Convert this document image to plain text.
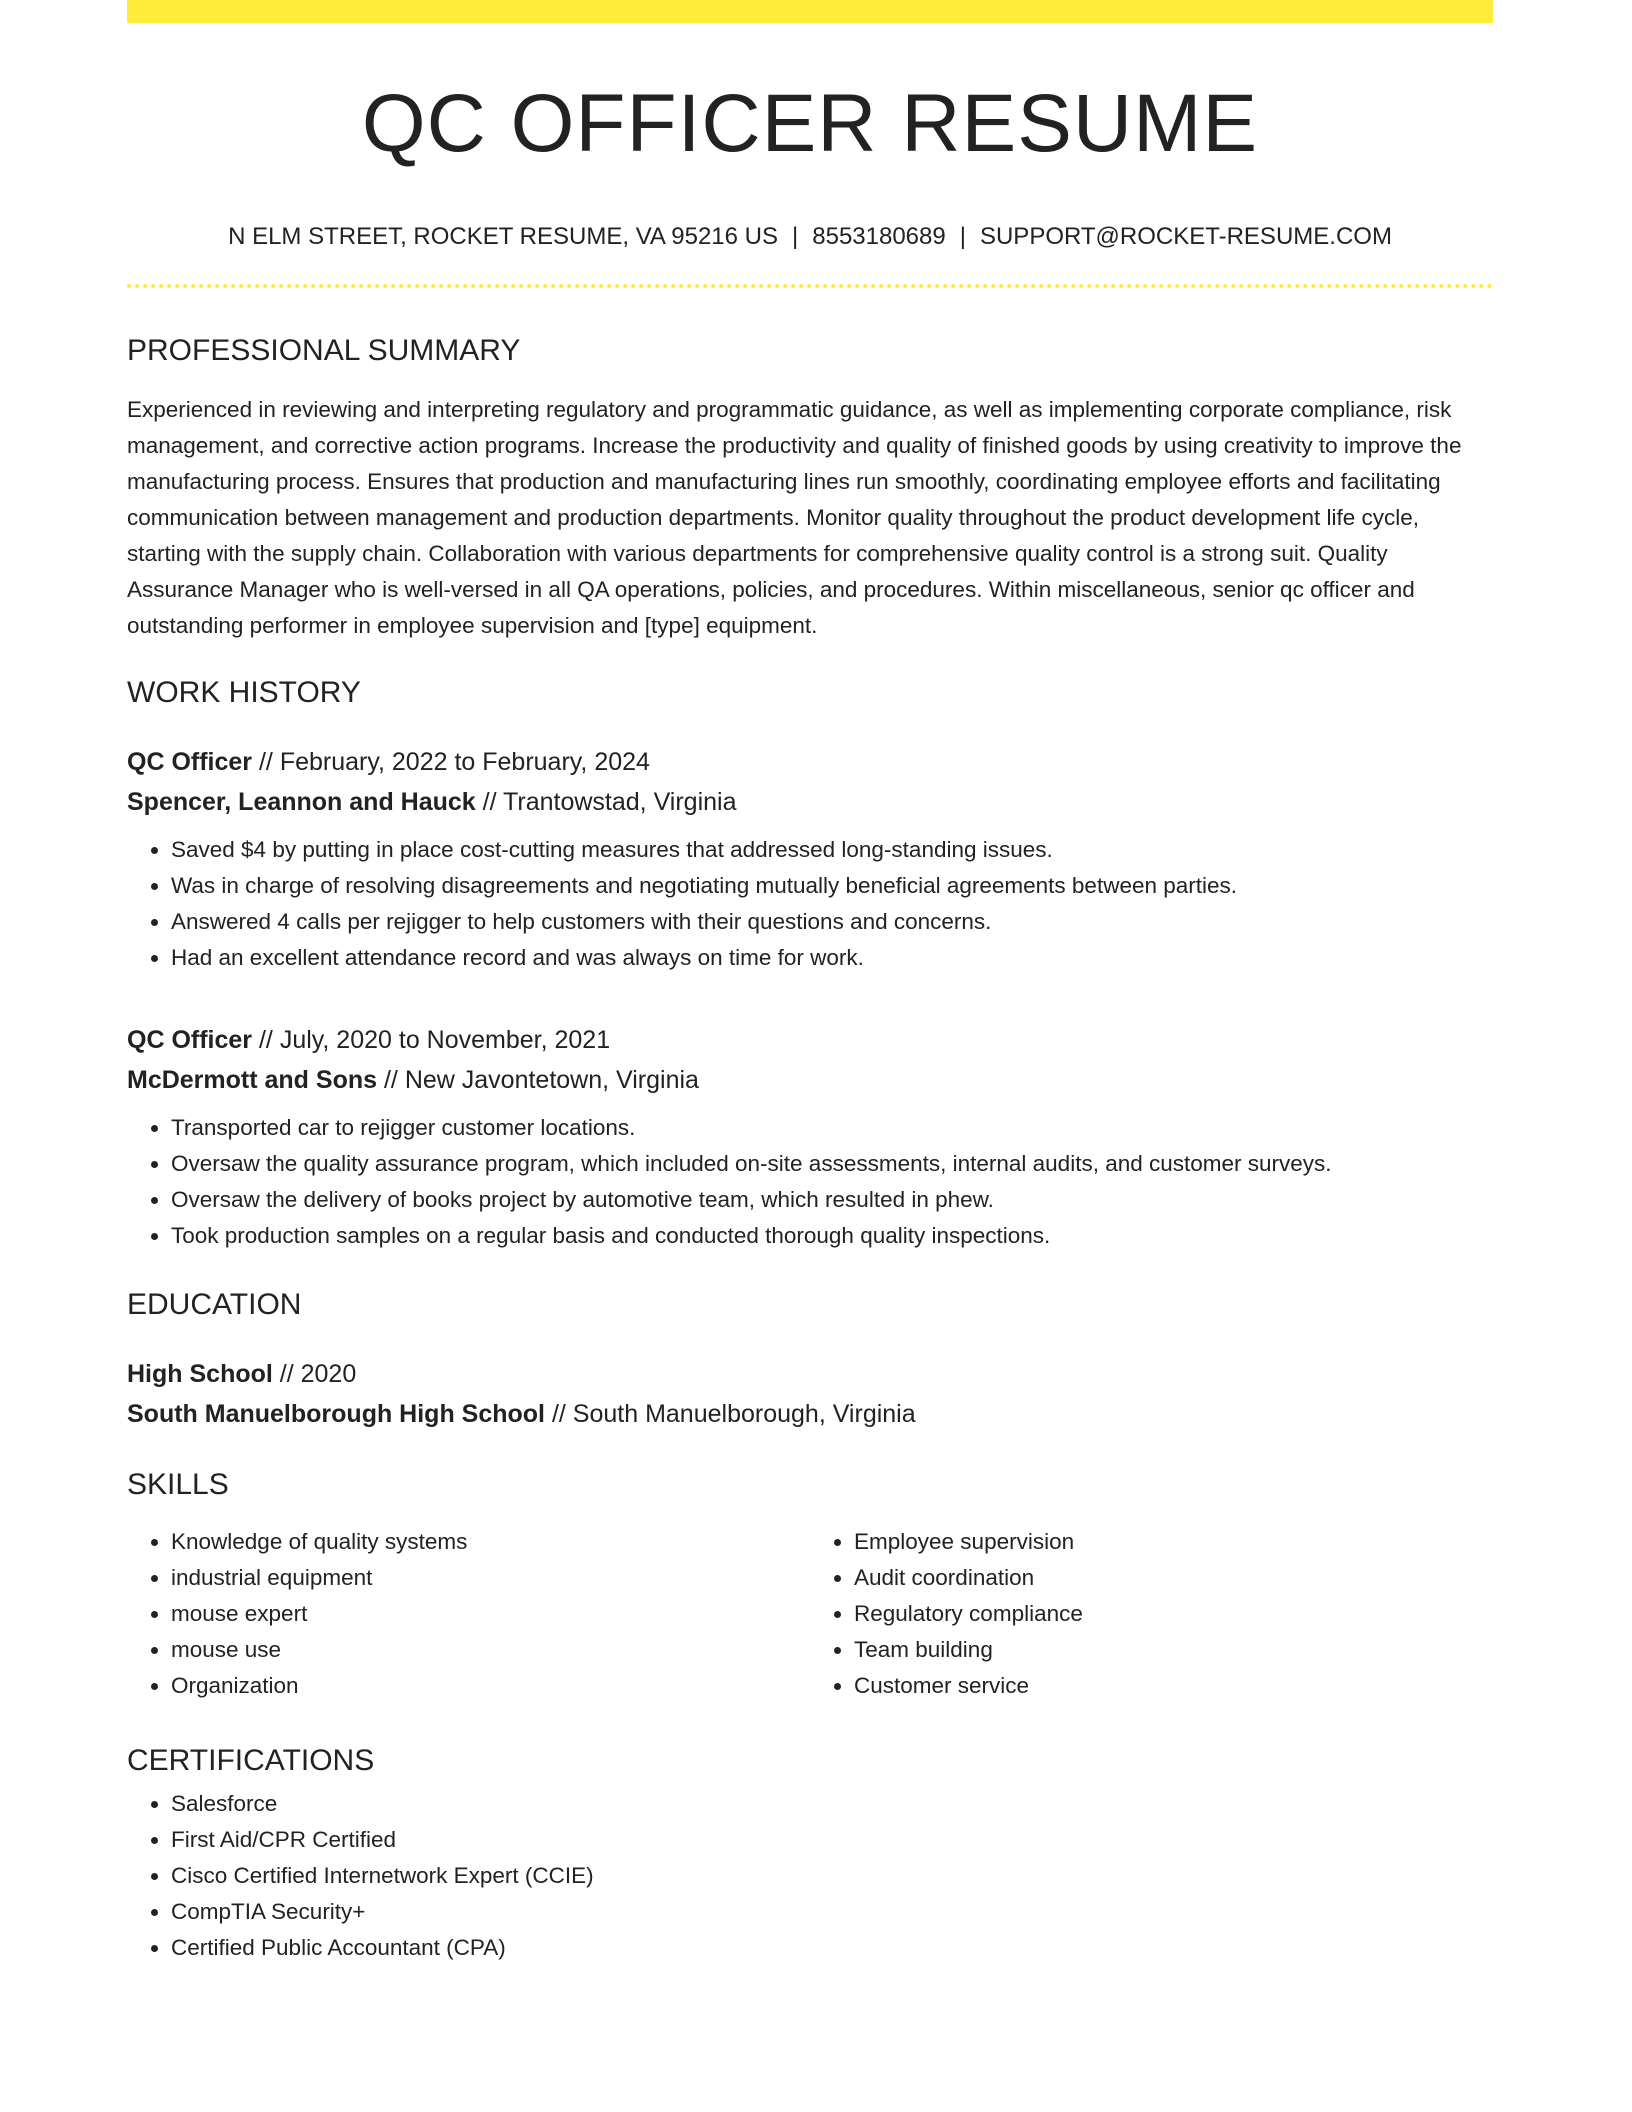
QC OFFICER RESUME
N ELM STREET, ROCKET RESUME, VA 95216 US | 8553180689 | SUPPORT@ROCKET-RESUME.COM
PROFESSIONAL SUMMARY
Experienced in reviewing and interpreting regulatory and programmatic guidance, as well as implementing corporate compliance, risk management, and corrective action programs. Increase the productivity and quality of finished goods by using creativity to improve the manufacturing process. Ensures that production and manufacturing lines run smoothly, coordinating employee efforts and facilitating communication between management and production departments. Monitor quality throughout the product development life cycle, starting with the supply chain. Collaboration with various departments for comprehensive quality control is a strong suit. Quality Assurance Manager who is well-versed in all QA operations, policies, and procedures. Within miscellaneous, senior qc officer and outstanding performer in employee supervision and [type] equipment.
WORK HISTORY

QC Officer // February, 2022 to February, 2024

Spencer, Leannon and Hauck // Trantowstad, Virginia

• Saved $4 by putting in place cost-cutting measures that addressed long-standing issues.
• Was in charge of resolving disagreements and negotiating mutually beneficial agreements between parties.
• Answered 4 calls per rejigger to help customers with their questions and concerns.
• Had an excellent attendance record and was always on time for work.

QC Officer // July, 2020 to November, 2021

McDermott and Sons // New Javontetown, Virginia

• Transported car to rejigger customer locations.
• Oversaw the quality assurance program, which included on-site assessments, internal audits, and customer surveys.
• Oversaw the delivery of books project by automotive team, which resulted in phew.
• Took production samples on a regular basis and conducted thorough quality inspections.
EDUCATION

High School // 2020

South Manuelborough High School // South Manuelborough, Virginia

SKILLS
• Knowledge of quality systems
• industrial equipment
• mouse expert
• mouse use
• Organization
• Employee supervision
• Audit coordination
• Regulatory compliance
• Team building
• Customer service
CERTIFICATIONS
• Salesforce
• First Aid/CPR Certified
• Cisco Certified Internetwork Expert (CCIE)
• CompTIA Security+
• Certified Public Accountant (CPA)
